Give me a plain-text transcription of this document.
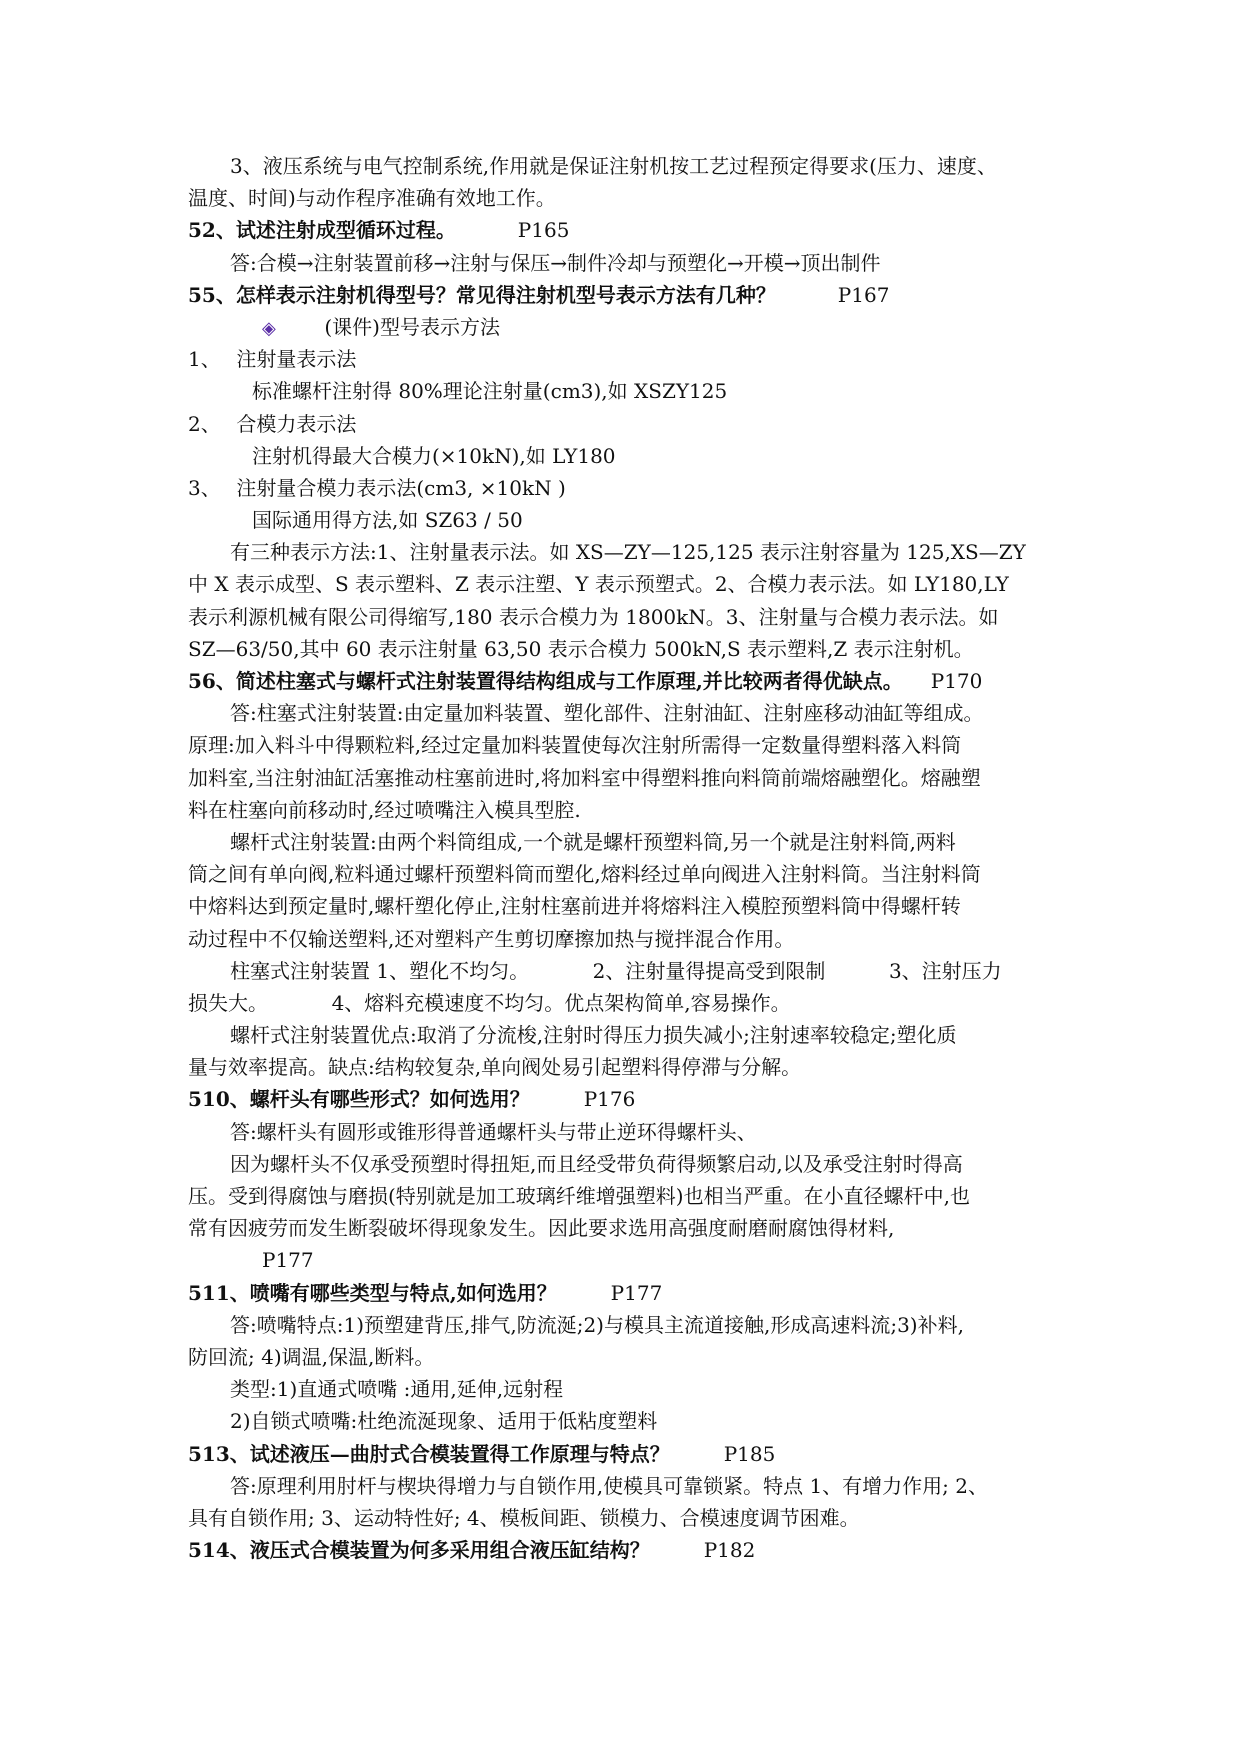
3、液压系统与电气控制系统,作用就是保证注射机按工艺过程预定得要求(压力、速度、
温度、时间)与动作程序准确有效地工作。
52、试述注射成型循环过程。	P165
答:合模→注射装置前移→注射与保压→制件冷却与预塑化→开模→顶出制件
55、怎样表示注射机得型号？常见得注射机型号表示方法有几种？	P167
◈ (课件)型号表示方法
1、 注射量表示法
标准螺杆注射得 80%理论注射量(cm3),如 XSZY125
2、 合模力表示法
注射机得最大合模力(×10kN),如 LY180
3、 注射量合模力表示法(cm3, ×10kN )
国际通用得方法,如 SZ63 / 50
有三种表示方法:1、注射量表示法。如 XS—ZY—125,125 表示注射容量为 125,XS—ZY
中 X 表示成型、S 表示塑料、Z 表示注塑、Y 表示预塑式。2、合模力表示法。如 LY180,LY
表示利源机械有限公司得缩写,180 表示合模力为 1800kN。3、注射量与合模力表示法。如
SZ—63/50,其中 60 表示注射量 63,50 表示合模力 500kN,S 表示塑料,Z 表示注射机。
56、简述柱塞式与螺杆式注射装置得结构组成与工作原理,并比较两者得优缺点。 P170
答:柱塞式注射装置:由定量加料装置、塑化部件、注射油缸、注射座移动油缸等组成。
原理:加入料斗中得颗粒料,经过定量加料装置使每次注射所需得一定数量得塑料落入料筒
加料室,当注射油缸活塞推动柱塞前进时,将加料室中得塑料推向料筒前端熔融塑化。熔融塑
料在柱塞向前移动时,经过喷嘴注入模具型腔.
螺杆式注射装置:由两个料筒组成,一个就是螺杆预塑料筒,另一个就是注射料筒,两料
筒之间有单向阀,粒料通过螺杆预塑料筒而塑化,熔料经过单向阀进入注射料筒。当注射料筒
中熔料达到预定量时,螺杆塑化停止,注射柱塞前进并将熔料注入模腔预塑料筒中得螺杆转
动过程中不仅输送塑料,还对塑料产生剪切摩擦加热与搅拌混合作用。
柱塞式注射装置 1、塑化不均匀。          2、注射量得提高受到限制          3、注射压力
损失大。          4、熔料充模速度不均匀。优点架构简单,容易操作。
螺杆式注射装置优点:取消了分流梭,注射时得压力损失减小;注射速率较稳定;塑化质
量与效率提高。缺点:结构较复杂,单向阀处易引起塑料得停滞与分解。
510、螺杆头有哪些形式？如何选用？	P176
答:螺杆头有圆形或锥形得普通螺杆头与带止逆环得螺杆头、
因为螺杆头不仅承受预塑时得扭矩,而且经受带负荷得频繁启动,以及承受注射时得高
压。受到得腐蚀与磨损(特别就是加工玻璃纤维增强塑料)也相当严重。在小直径螺杆中,也
常有因疲劳而发生断裂破坏得现象发生。因此要求选用高强度耐磨耐腐蚀得材料,
P177
511、喷嘴有哪些类型与特点,如何选用？	P177
答:喷嘴特点:1)预塑建背压,排气,防流涎;2)与模具主流道接触,形成高速料流;3)补料,
防回流; 4)调温,保温,断料。
类型:1)直通式喷嘴 :通用,延伸,远射程
2)自锁式喷嘴:杜绝流涎现象、适用于低粘度塑料
513、试述液压—曲肘式合模装置得工作原理与特点？	P185
答:原理利用肘杆与楔块得增力与自锁作用,使模具可靠锁紧。特点 1、有增力作用; 2、
具有自锁作用; 3、运动特性好; 4、模板间距、锁模力、合模速度调节困难。
514、液压式合模装置为何多采用组合液压缸结构？	P182
